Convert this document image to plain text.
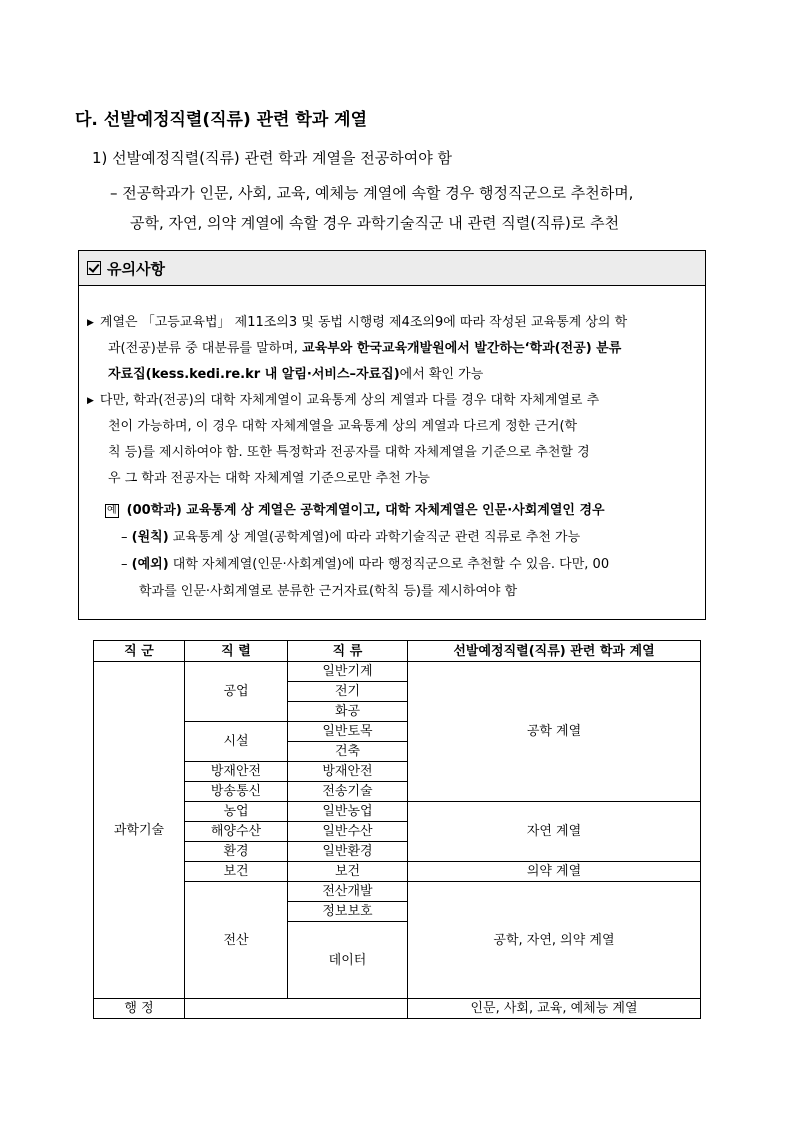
다. 선발예정직렬(직류) 관련 학과 계열
1) 선발예정직렬(직류) 관련 학과 계열을 전공하여야 함
– 전공학과가 인문, 사회, 교육, 예체능 계열에 속할 경우 행정직군으로 추천하며,
공학, 자연, 의약 계열에 속할 경우 과학기술직군 내 관련 직렬(직류)로 추천
유의사항
▶ 계열은 「고등교육법」 제11조의3 및 동법 시행령 제4조의9에 따라 작성된 교육통계 상의 학
과(전공)분류 중 대분류를 말하며, 교육부와 한국교육개발원에서 발간하는‘학과(전공) 분류
자료집(kess.kedi.re.kr 내 알림·서비스–자료집)에서 확인 가능
▶ 다만, 학과(전공)의 대학 자체계열이 교육통계 상의 계열과 다를 경우 대학 자체계열로 추
천이 가능하며, 이 경우 대학 자체계열을 교육통계 상의 계열과 다르게 정한 근거(학
칙 등)를 제시하여야 함. 또한 특정학과 전공자를 대학 자체계열을 기준으로 추천할 경
우 그 학과 전공자는 대학 자체계열 기준으로만 추천 가능
예 (00학과) 교육통계 상 계열은 공학계열이고, 대학 자체계열은 인문·사회계열인 경우
– (원칙) 교육통계 상 계열(공학계열)에 따라 과학기술직군 관련 직류로 추천 가능
– (예외) 대학 자체계열(인문·사회계열)에 따라 행정직군으로 추천할 수 있음. 다만, 00
학과를 인문·사회계열로 분류한 근거자료(학칙 등)를 제시하여야 함
직 군	직 렬	직 류	선발예정직렬(직류) 관련 학과 계열
과학기술	공업	일반기계	공학 계열
		전기	
		화공	
	시설	일반토목	
		건축	
	방재안전	방재안전	
	방송통신	전송기술	
	농업	일반농업	자연 계열
	해양수산	일반수산	
	환경	일반환경	
	보건	보건	의약 계열
	전산	전산개발	공학, 자연, 의약 계열
		정보보호	
		데이터	

행 정			인문, 사회, 교육, 예체능 계열
